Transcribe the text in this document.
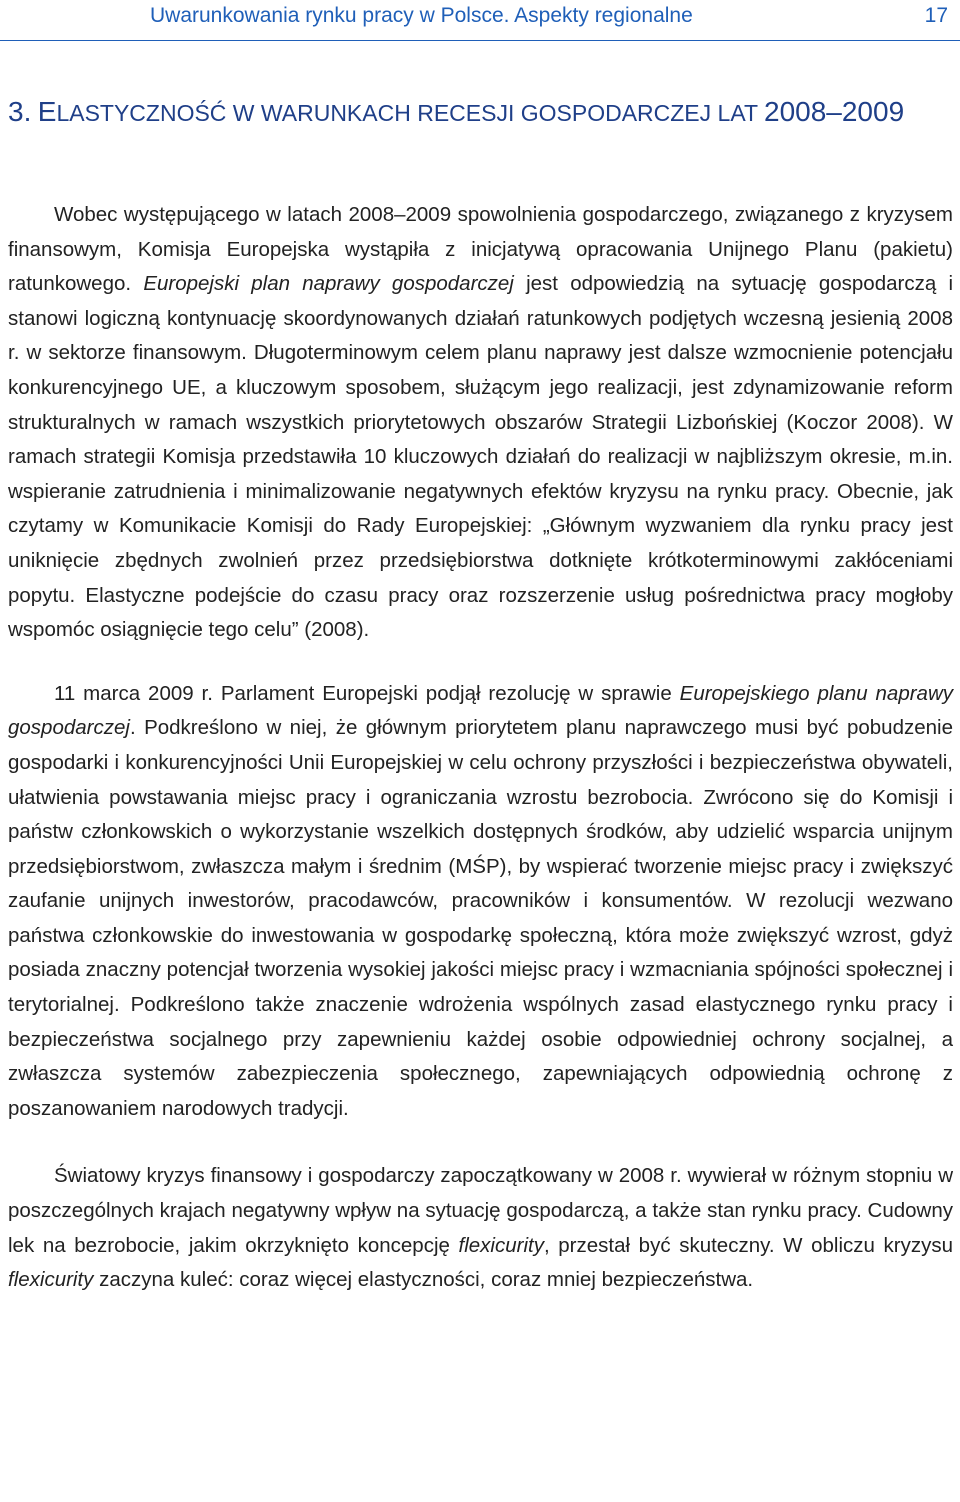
Uwarunkowania rynku pracy w Polsce. Aspekty regionalne	17
3. ELASTYCZNOŚĆ W WARUNKACH RECESJI GOSPODARCZEJ LAT 2008–2009

Wobec występującego w latach 2008–2009 spowolnienia gospodarczego, związanego z kryzysem finansowym, Komisja Europejska wystąpiła z inicjatywą opracowania Unijnego Planu (pakietu) ratunkowego. Europejski plan naprawy gospodarczej jest odpowiedzią na sytuację gospodarczą i stanowi logiczną kontynuację skoordynowanych działań ratunkowych podjętych wczesną jesienią 2008 r. w sektorze finansowym. Długoterminowym celem planu naprawy jest dalsze wzmocnienie potencjału konkurencyjnego UE, a kluczowym sposobem, służącym jego realizacji, jest zdynamizowanie reform strukturalnych w ramach wszystkich priorytetowych obszarów Strategii Lizbońskiej (Koczor 2008). W ramach strategii Komisja przedstawiła 10 kluczowych działań do realizacji w najbliższym okresie, m.in. wspieranie zatrudnienia i minimalizowanie negatywnych efektów kryzysu na rynku pracy. Obecnie, jak czytamy w Komunikacie Komisji do Rady Europejskiej: „Głównym wyzwaniem dla rynku pracy jest uniknięcie zbędnych zwolnień przez przedsiębiorstwa dotknięte krótkoterminowymi zakłóceniami popytu. Elastyczne podejście do czasu pracy oraz rozszerzenie usług pośrednictwa pracy mogłoby wspomóc osiągnięcie tego celu” (2008).

11 marca 2009 r. Parlament Europejski podjął rezolucję w sprawie Europejskiego planu naprawy gospodarczej. Podkreślono w niej, że głównym priorytetem planu naprawczego musi być pobudzenie gospodarki i konkurencyjności Unii Europejskiej w celu ochrony przyszłości i bezpieczeństwa obywateli, ułatwienia powstawania miejsc pracy i ograniczania wzrostu bezrobocia. Zwrócono się do Komisji i państw członkowskich o wykorzystanie wszelkich dostępnych środków, aby udzielić wsparcia unijnym przedsiębiorstwom, zwłaszcza małym i średnim (MŚP), by wspierać tworzenie miejsc pracy i zwiększyć zaufanie unijnych inwestorów, pracodawców, pracowników i konsumentów. W rezolucji wezwano państwa członkowskie do inwestowania w gospodarkę społeczną, która może zwiększyć wzrost, gdyż posiada znaczny potencjał tworzenia wysokiej jakości miejsc pracy i wzmacniania spójności społecznej i terytorialnej. Podkreślono także znaczenie wdrożenia wspólnych zasad elastycznego rynku pracy i bezpieczeństwa socjalnego przy zapewnieniu każdej osobie odpowiedniej ochrony socjalnej, a zwłaszcza systemów zabezpieczenia społecznego, zapewniających odpowiednią ochronę z poszanowaniem narodowych tradycji.

Światowy kryzys finansowy i gospodarczy zapoczątkowany w 2008 r. wywierał w różnym stopniu w poszczególnych krajach negatywny wpływ na sytuację gospodarczą, a także stan rynku pracy. Cudowny lek na bezrobocie, jakim okrzyknięto koncepcję flexicurity, przestał być skuteczny. W obliczu kryzysu flexicurity zaczyna kuleć: coraz więcej elastyczności, coraz mniej bezpieczeństwa.
